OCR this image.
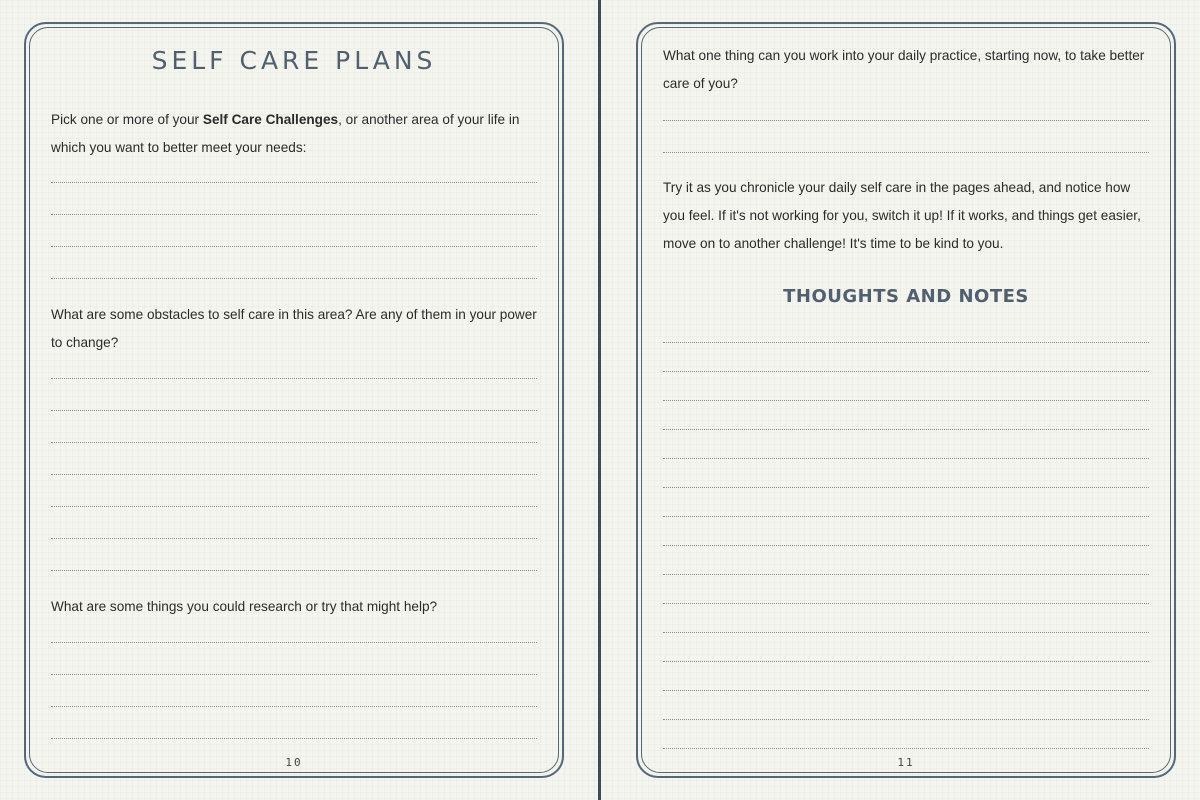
SELF CARE PLANS

Pick one or more of your Self Care Challenges, or another area of your life in which you want to better meet your needs:

What are some obstacles to self care in this area? Are any of them in your power to change?

What are some things you could research or try that might help?

10

What one thing can you work into your daily practice, starting now, to take better care of you?

Try it as you chronicle your daily self care in the pages ahead, and notice how you feel. If it's not working for you, switch it up! If it works, and things get easier, move on to another challenge! It's time to be kind to you.

THOUGHTS AND NOTES
11
